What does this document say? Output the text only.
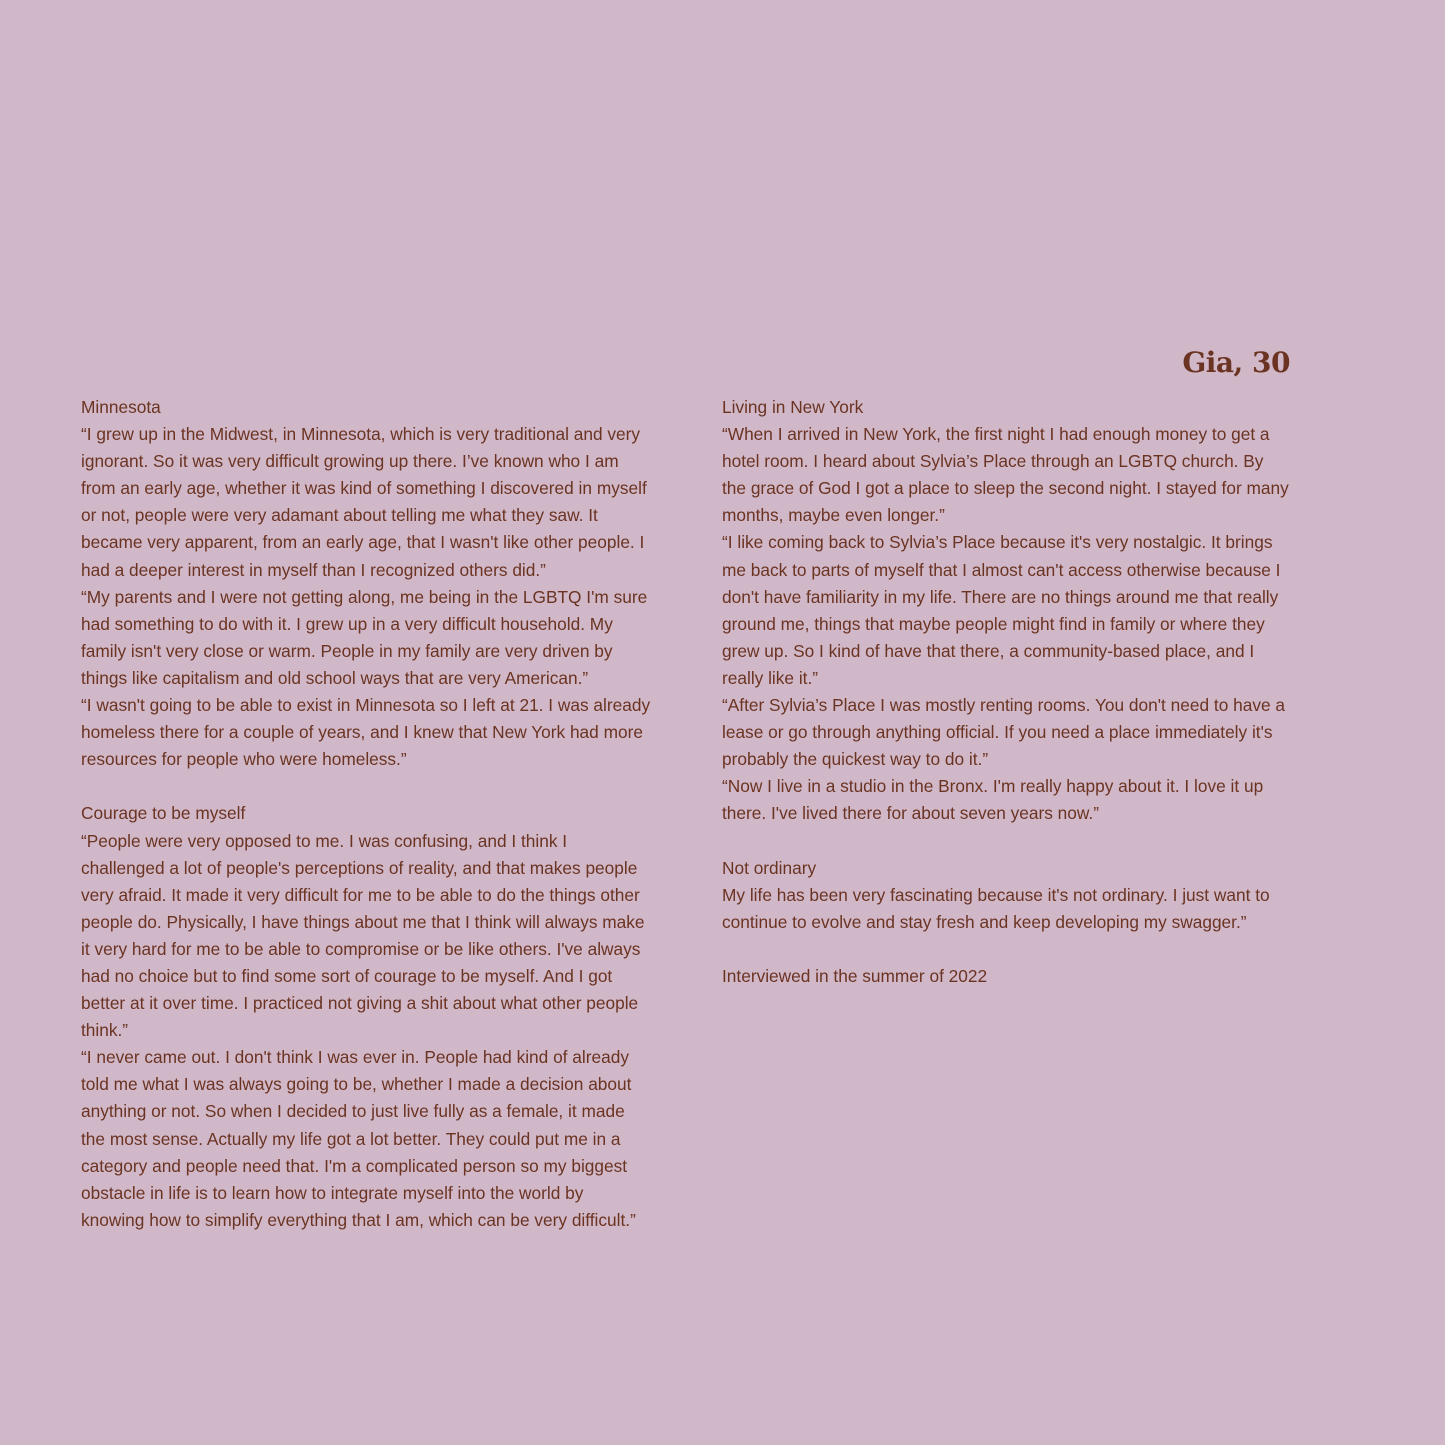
Gia, 30
Minnesota
“I grew up in the Midwest, in Minnesota, which is very traditional and very
ignorant. So it was very difficult growing up there. I’ve known who I am
from an early age, whether it was kind of something I discovered in myself
or not, people were very adamant about telling me what they saw. It
became very apparent, from an early age, that I wasn't like other people. I
had a deeper interest in myself than I recognized others did.”
“My parents and I were not getting along, me being in the LGBTQ I'm sure
had something to do with it. I grew up in a very difficult household. My
family isn't very close or warm. People in my family are very driven by
things like capitalism and old school ways that are very American.”
“I wasn't going to be able to exist in Minnesota so I left at 21. I was already
homeless there for a couple of years, and I knew that New York had more
resources for people who were homeless.”
Courage to be myself
“People were very opposed to me. I was confusing, and I think I
challenged a lot of people's perceptions of reality, and that makes people
very afraid. It made it very difficult for me to be able to do the things other
people do. Physically, I have things about me that I think will always make
it very hard for me to be able to compromise or be like others. I've always
had no choice but to find some sort of courage to be myself. And I got
better at it over time. I practiced not giving a shit about what other people
think.”
“I never came out. I don't think I was ever in. People had kind of already
told me what I was always going to be, whether I made a decision about
anything or not. So when I decided to just live fully as a female, it made
the most sense. Actually my life got a lot better. They could put me in a
category and people need that. I'm a complicated person so my biggest
obstacle in life is to learn how to integrate myself into the world by
knowing how to simplify everything that I am, which can be very difficult.”
Living in New York
“When I arrived in New York, the first night I had enough money to get a
hotel room. I heard about Sylvia’s Place through an LGBTQ church. By
the grace of God I got a place to sleep the second night. I stayed for many
months, maybe even longer.”
“I like coming back to Sylvia’s Place because it's very nostalgic. It brings
me back to parts of myself that I almost can't access otherwise because I
don't have familiarity in my life. There are no things around me that really
ground me, things that maybe people might find in family or where they
grew up. So I kind of have that there, a community-based place, and I
really like it.”
“After Sylvia’s Place I was mostly renting rooms. You don't need to have a
lease or go through anything official. If you need a place immediately it's
probably the quickest way to do it.”
“Now I live in a studio in the Bronx. I'm really happy about it. I love it up
there. I've lived there for about seven years now.”
Not ordinary
My life has been very fascinating because it's not ordinary. I just want to
continue to evolve and stay fresh and keep developing my swagger.”
Interviewed in the summer of 2022
